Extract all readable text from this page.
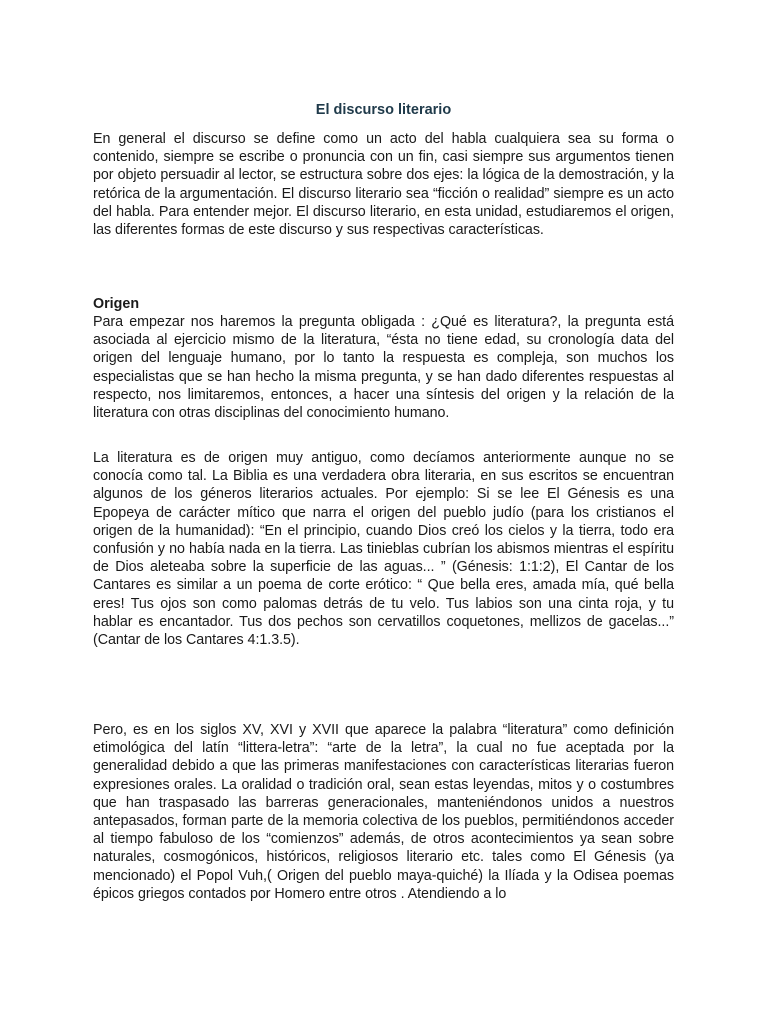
El discurso literario

En general el discurso se define como un acto del habla cualquiera sea su forma o contenido, siempre se escribe o pronuncia con un fin, casi siempre sus argumentos tienen por objeto persuadir al lector, se estructura sobre dos ejes: la lógica de la demostración, y la retórica de la argumentación. El discurso literario sea “ficción o realidad” siempre es un acto del habla. Para entender mejor. El discurso literario, en esta unidad, estudiaremos el origen, las diferentes formas de este discurso y sus respectivas características.

Origen

Para empezar nos haremos la pregunta obligada : ¿Qué es literatura?, la pregunta está asociada al ejercicio mismo de la literatura, “ésta no tiene edad, su cronología data del origen del lenguaje humano, por lo tanto la respuesta es compleja, son muchos los especialistas que se han hecho la misma pregunta, y se han dado diferentes respuestas al respecto, nos limitaremos, entonces, a hacer una síntesis del origen y la relación de la literatura con otras disciplinas del conocimiento humano.

La literatura es de origen muy antiguo, como decíamos anteriormente aunque no se conocía como tal. La Biblia es una verdadera obra literaria, en sus escritos se encuentran algunos de los géneros literarios actuales. Por ejemplo: Si se lee El Génesis es una Epopeya de carácter mítico que narra el origen del pueblo judío (para los cristianos el origen de la humanidad): “En el principio, cuando Dios creó los cielos y la tierra, todo era confusión y no había nada en la tierra. Las tinieblas cubrían los abismos mientras el espíritu de Dios aleteaba sobre la superficie de las aguas... ” (Génesis: 1:1:2), El Cantar de los Cantares es similar a un poema de corte erótico: “ Que bella eres, amada mía, qué bella eres! Tus ojos son como palomas detrás de tu velo. Tus labios son una cinta roja, y tu hablar es encantador. Tus dos pechos son cervatillos coquetones, mellizos de gacelas...” (Cantar de los Cantares 4:1.3.5).

Pero, es en los siglos XV, XVI y XVII que aparece la palabra “literatura” como definición etimológica del latín “littera-letra”: “arte de la letra”, la cual no fue aceptada por la generalidad debido a que las primeras manifestaciones con características literarias fueron expresiones orales. La oralidad o tradición oral, sean estas leyendas, mitos y o costumbres que han traspasado las barreras generacionales, manteniéndonos unidos a nuestros antepasados, forman parte de la memoria colectiva de los pueblos, permitiéndonos acceder al tiempo fabuloso de los “comienzos” además, de otros acontecimientos ya sean sobre naturales, cosmogónicos, históricos, religiosos literario etc. tales como El Génesis (ya mencionado) el Popol Vuh,( Origen del pueblo maya-quiché) la Ilíada y la Odisea poemas épicos griegos contados por Homero entre otros . Atendiendo a lo
